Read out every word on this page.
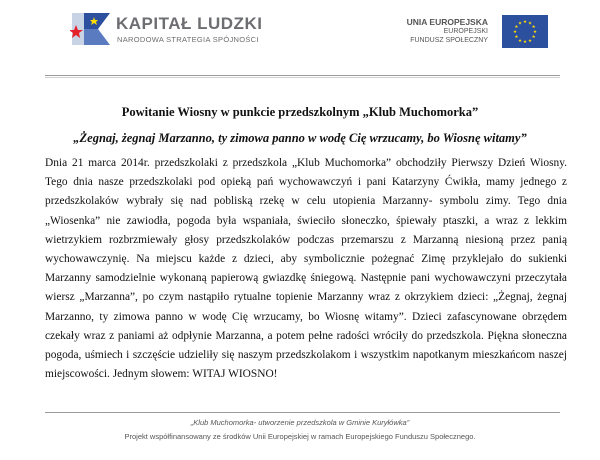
KAPITAŁ LUDZKI
NARODOWA STRATEGIA SPÓJNOŚCI
UNIA EUROPEJSKA
EUROPEJSKI
FUNDUSZ SPOŁECZNY
★ ★
★
★
★
★
★
★
★
★
★
★
Powitanie Wiosny w punkcie przedszkolnym „Klub Muchomorka”
„Żegnaj, żegnaj Marzanno, ty zimowa panno w wodę Cię wrzucamy, bo Wiosnę witamy”
Dnia 21 marca 2014r. przedszkolaki z przedszkola „Klub Muchomorka” obchodziły Pierwszy Dzień Wiosny. Tego dnia nasze przedszkolaki pod opieką pań wychowawczyń i pani Katarzyny Ćwikła, mamy jednego z przedszkolaków wybrały się nad pobliską rzekę w celu utopienia Marzanny- symbolu zimy. Tego dnia „Wiosenka” nie zawiodła, pogoda była wspaniała, świeciło słoneczko, śpiewały ptaszki, a wraz z lekkim wietrzykiem rozbrzmiewały głosy przedszkolaków podczas przemarszu z Marzanną niesioną przez panią wychowawczynię. Na miejscu każde z dzieci, aby symbolicznie pożegnać Zimę przyklejało do sukienki Marzanny samodzielnie wykonaną papierową gwiazdkę śniegową. Następnie pani wychowawczyni przeczytała wiersz „Marzanna”, po czym nastąpiło rytualne topienie Marzanny wraz z okrzykiem dzieci: „Żegnaj, żegnaj Marzanno, ty zimowa panno w wodę Cię wrzucamy, bo Wiosnę witamy”. Dzieci zafascynowane obrzędem czekały wraz z paniami aż odpłynie Marzanna, a potem pełne radości wróciły do przedszkola. Piękna słoneczna pogoda, uśmiech i szczęście udzieliły się naszym przedszkolakom i wszystkim napotkanym mieszkańcom naszej miejscowości. Jednym słowem: WITAJ WIOSNO!
„Klub Muchomorka- utworzenie przedszkola w Gminie Kuryłówka”
Projekt współfinansowany ze środków Unii Europejskiej w ramach Europejskiego Funduszu Społecznego.
